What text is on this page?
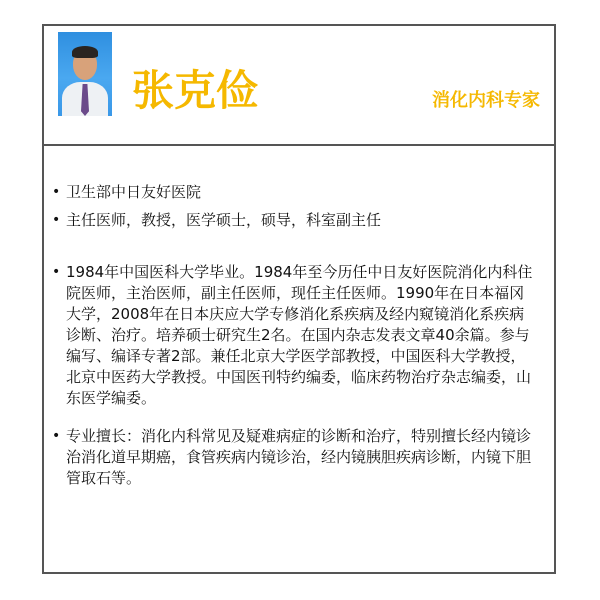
张克俭	消化内科专家
• 卫生部中日友好医院
• 主任医师，教授，医学硕士，硕导，科室副主任
• 1984年中国医科大学毕业。1984年至今历任中日友好医院消化内科住院医师，主治医师，副主任医师，现任主任医师。1990年在日本福冈大学，2008年在日本庆应大学专修消化系疾病及经内窥镜消化系疾病诊断、治疗。培养硕士研究生2名。在国内杂志发表文章40余篇。参与编写、编译专著2部。兼任北京大学医学部教授，中国医科大学教授，北京中医药大学教授。中国医刊特约编委，临床药物治疗杂志编委，山东医学编委。
• 专业擅长：消化内科常见及疑难病症的诊断和治疗，特别擅长经内镜诊治消化道早期癌，食管疾病内镜诊治，经内镜胰胆疾病诊断，内镜下胆管取石等。
